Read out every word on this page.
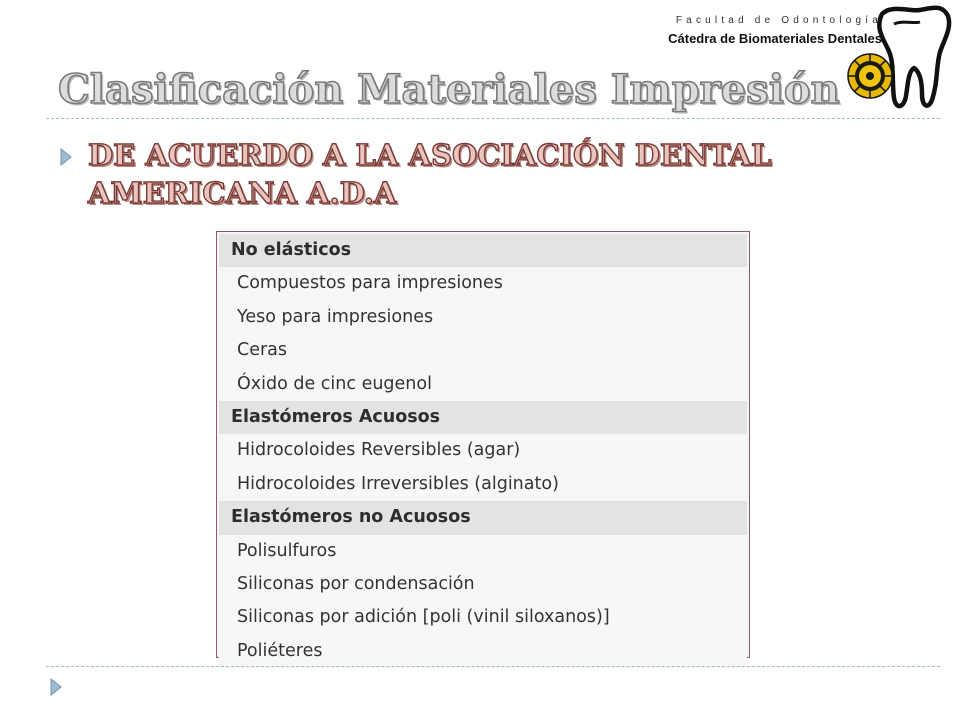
Facultad de Odontología
Cátedra de Biomateriales Dentales
Clasificación Materiales Impresión
DE ACUERDO A LA ASOCIACIÓN DENTAL AMERICANA A.D.A
No elásticos
Compuestos para impresiones
Yeso para impresiones
Ceras
Óxido de cinc eugenol
Elastómeros Acuosos
Hidrocoloides Reversibles (agar)
Hidrocoloides Irreversibles (alginato)
Elastómeros no Acuosos
Polisulfuros
Siliconas por condensación
Siliconas por adición [poli (vinil siloxanos)]
Poliéteres
